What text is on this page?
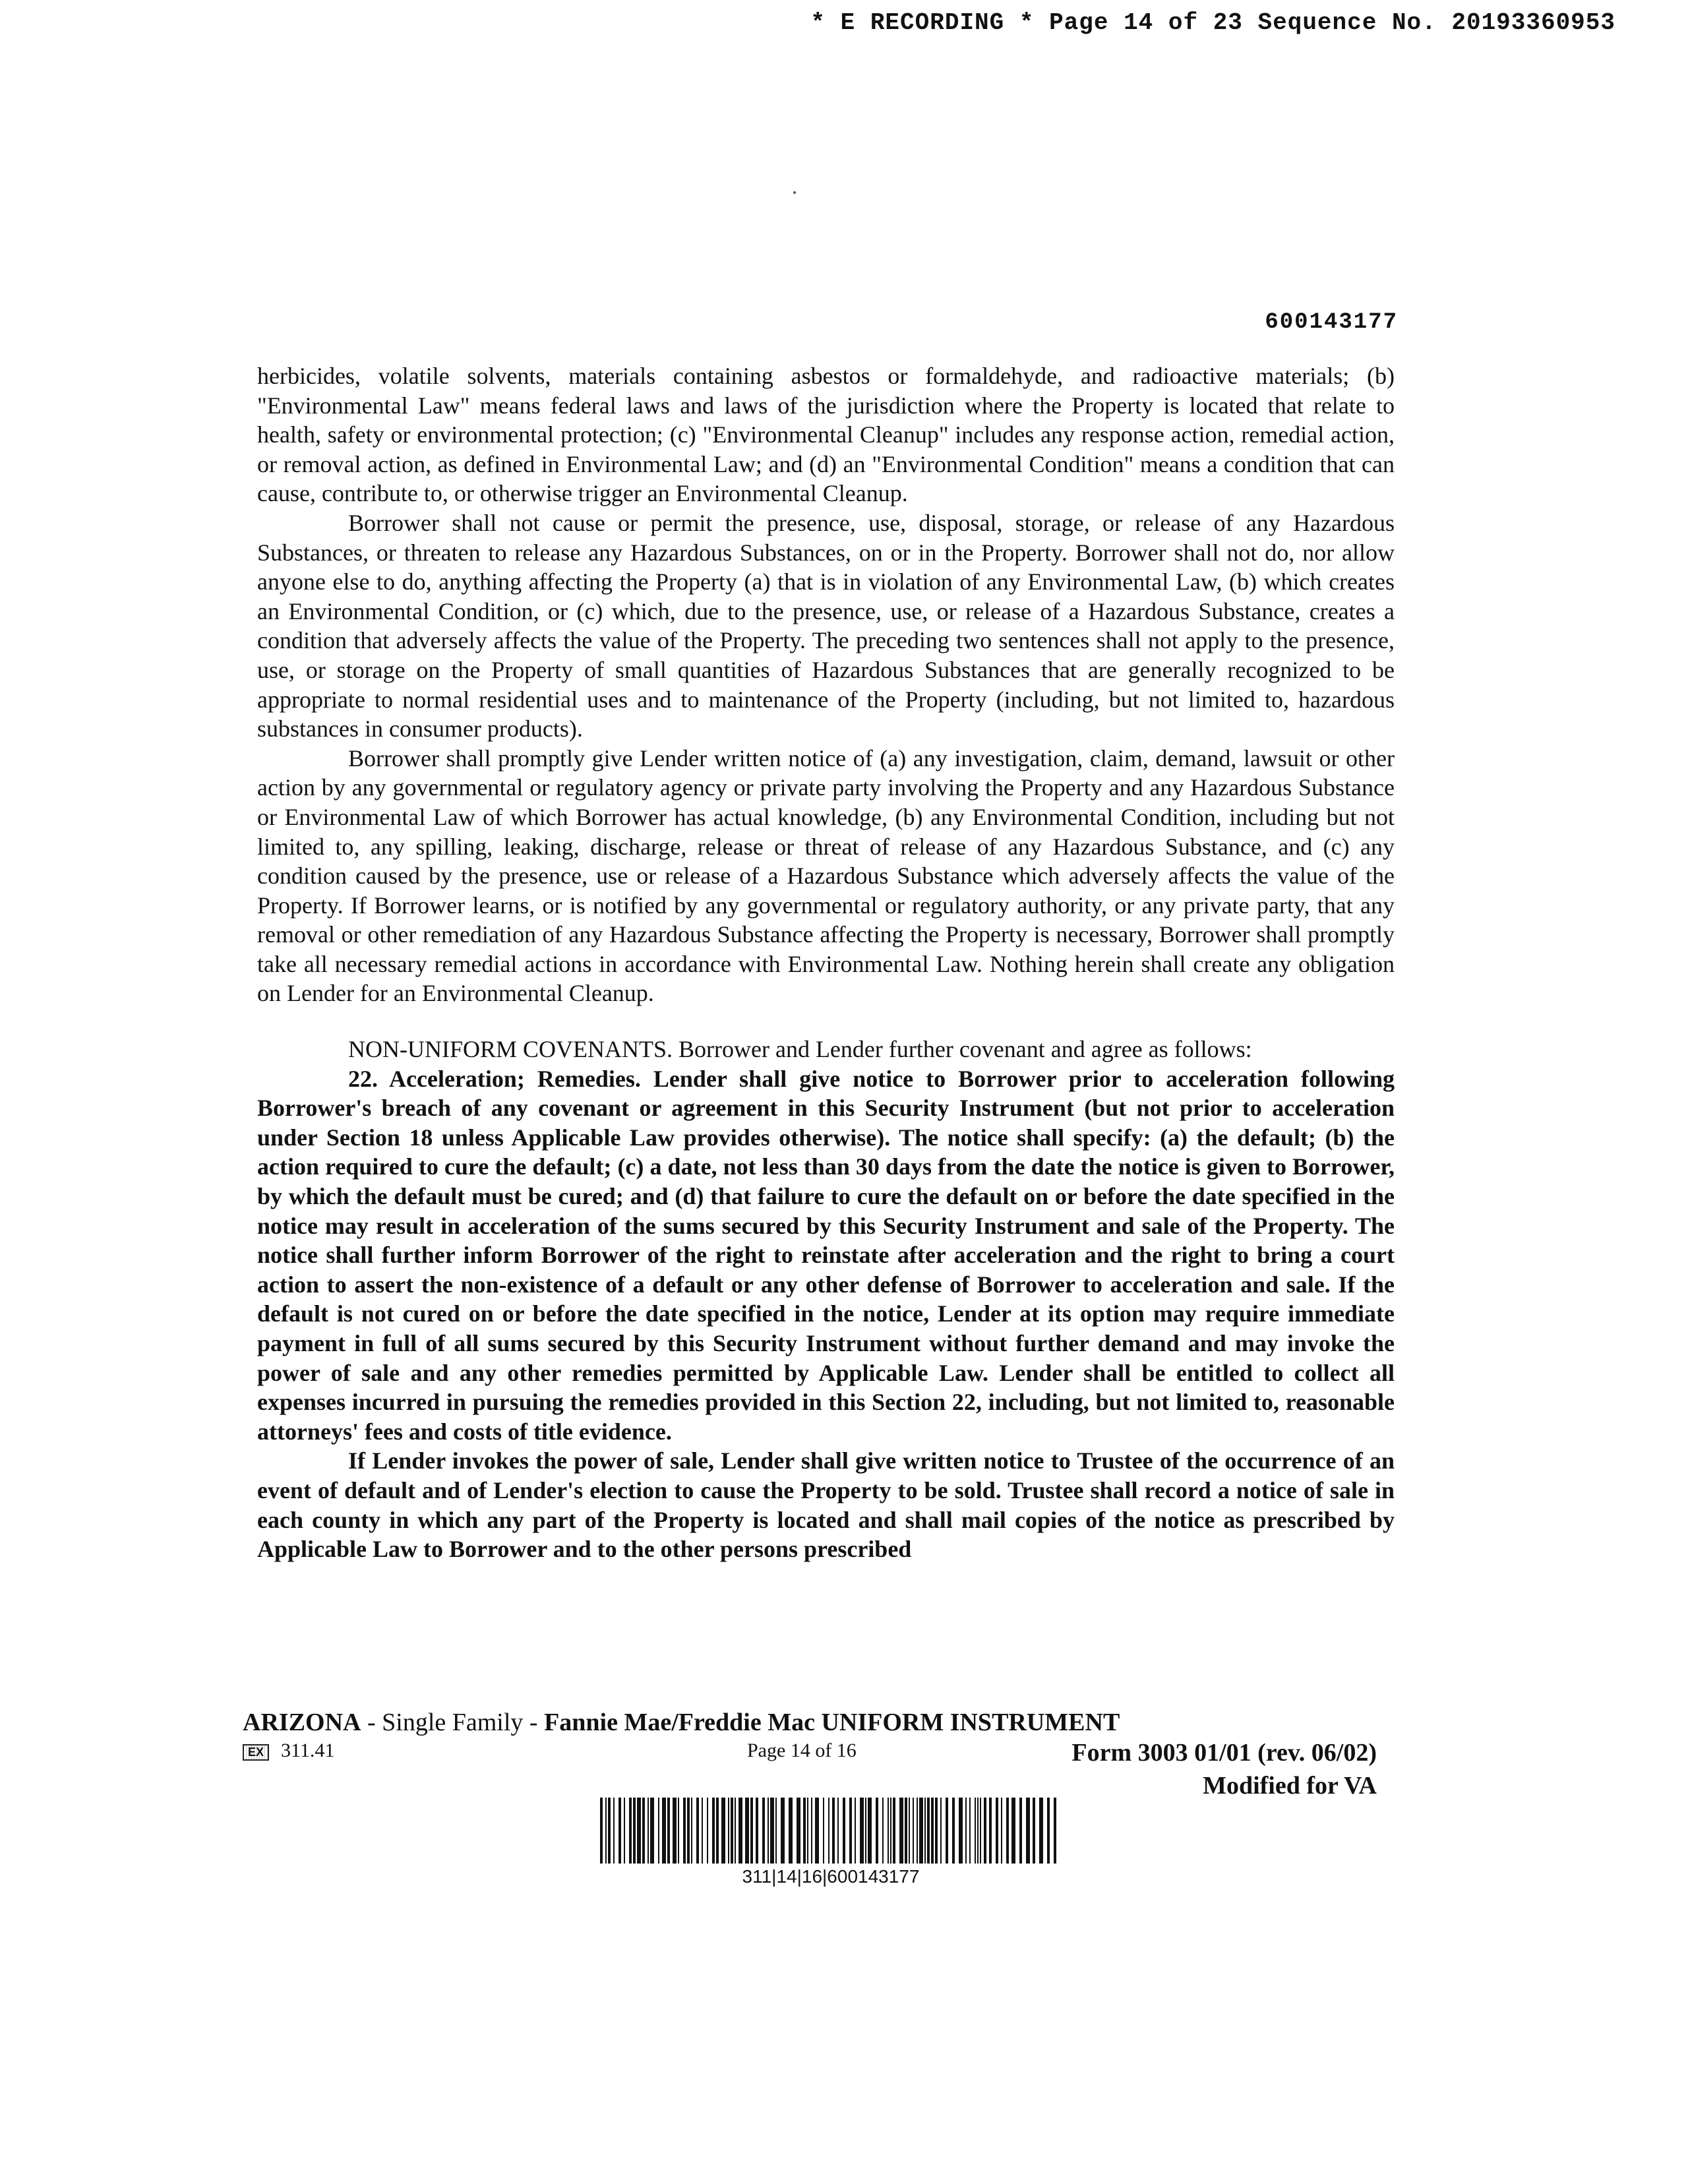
* E RECORDING * Page 14 of 23 Sequence No. 20193360953
600143177

herbicides, volatile solvents, materials containing asbestos or formaldehyde, and radioactive materials; (b) "Environmental Law" means federal laws and laws of the jurisdiction where the Property is located that relate to health, safety or environmental protection; (c) "Environmental Cleanup" includes any response action, remedial action, or removal action, as defined in Environmental Law; and (d) an "Environmental Condition" means a condition that can cause, contribute to, or otherwise trigger an Environmental Cleanup.

Borrower shall not cause or permit the presence, use, disposal, storage, or release of any Hazardous Substances, or threaten to release any Hazardous Substances, on or in the Property. Borrower shall not do, nor allow anyone else to do, anything affecting the Property (a) that is in violation of any Environmental Law, (b) which creates an Environmental Condition, or (c) which, due to the presence, use, or release of a Hazardous Substance, creates a condition that adversely affects the value of the Property. The preceding two sentences shall not apply to the presence, use, or storage on the Property of small quantities of Hazardous Substances that are generally recognized to be appropriate to normal residential uses and to maintenance of the Property (including, but not limited to, hazardous substances in consumer products).

Borrower shall promptly give Lender written notice of (a) any investigation, claim, demand, lawsuit or other action by any governmental or regulatory agency or private party involving the Property and any Hazardous Substance or Environmental Law of which Borrower has actual knowledge, (b) any Environmental Condition, including but not limited to, any spilling, leaking, discharge, release or threat of release of any Hazardous Substance, and (c) any condition caused by the presence, use or release of a Hazardous Substance which adversely affects the value of the Property. If Borrower learns, or is notified by any governmental or regulatory authority, or any private party, that any removal or other remediation of any Hazardous Substance affecting the Property is necessary, Borrower shall promptly take all necessary remedial actions in accordance with Environmental Law. Nothing herein shall create any obligation on Lender for an Environmental Cleanup.

NON-UNIFORM COVENANTS. Borrower and Lender further covenant and agree as follows:

22. Acceleration; Remedies. Lender shall give notice to Borrower prior to acceleration following Borrower's breach of any covenant or agreement in this Security Instrument (but not prior to acceleration under Section 18 unless Applicable Law provides otherwise). The notice shall specify: (a) the default; (b) the action required to cure the default; (c) a date, not less than 30 days from the date the notice is given to Borrower, by which the default must be cured; and (d) that failure to cure the default on or before the date specified in the notice may result in acceleration of the sums secured by this Security Instrument and sale of the Property. The notice shall further inform Borrower of the right to reinstate after acceleration and the right to bring a court action to assert the non-existence of a default or any other defense of Borrower to acceleration and sale. If the default is not cured on or before the date specified in the notice, Lender at its option may require immediate payment in full of all sums secured by this Security Instrument without further demand and may invoke the power of sale and any other remedies permitted by Applicable Law. Lender shall be entitled to collect all expenses incurred in pursuing the remedies provided in this Section 22, including, but not limited to, reasonable attorneys' fees and costs of title evidence.

If Lender invokes the power of sale, Lender shall give written notice to Trustee of the occurrence of an event of default and of Lender's election to cause the Property to be sold. Trustee shall record a notice of sale in each county in which any part of the Property is located and shall mail copies of the notice as prescribed by Applicable Law to Borrower and to the other persons prescribed

ARIZONA - Single Family - Fannie Mae/Freddie Mac UNIFORM INSTRUMENT
EX 311.41	Page 14 of 16	Form 3003 01/01 (rev. 06/02)
Modified for VA
311|14|16|600143177
